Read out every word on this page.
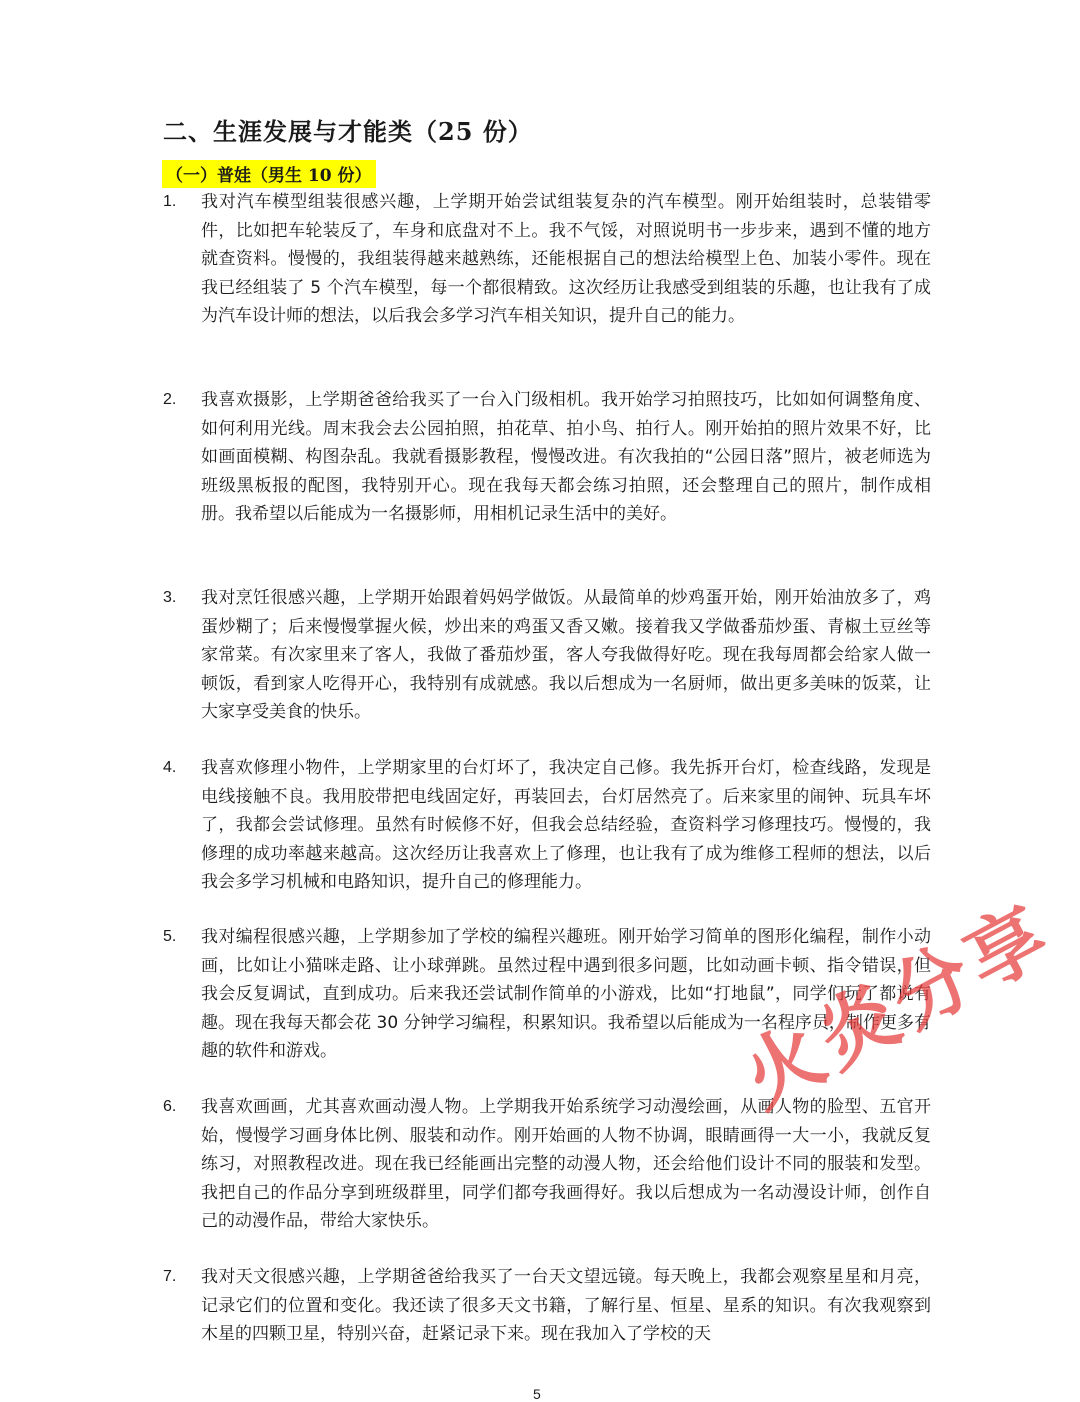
二、生涯发展与才能类（25 份）
（一）普娃（男生 10 份）
1. 我对汽车模型组装很感兴趣，上学期开始尝试组装复杂的汽车模型。刚开始组装时，总装错零件，比如把车轮装反了，车身和底盘对不上。我不气馁，对照说明书一步步来，遇到不懂的地方就查资料。慢慢的，我组装得越来越熟练，还能根据自己的想法给模型上色、加装小零件。现在我已经组装了 5 个汽车模型，每一个都很精致。这次经历让我感受到组装的乐趣，也让我有了成为汽车设计师的想法，以后我会多学习汽车相关知识，提升自己的能力。
2. 我喜欢摄影，上学期爸爸给我买了一台入门级相机。我开始学习拍照技巧，比如如何调整角度、如何利用光线。周末我会去公园拍照，拍花草、拍小鸟、拍行人。刚开始拍的照片效果不好，比如画面模糊、构图杂乱。我就看摄影教程，慢慢改进。有次我拍的“公园日落”照片，被老师选为班级黑板报的配图，我特别开心。现在我每天都会练习拍照，还会整理自己的照片，制作成相册。我希望以后能成为一名摄影师，用相机记录生活中的美好。
3. 我对烹饪很感兴趣，上学期开始跟着妈妈学做饭。从最简单的炒鸡蛋开始，刚开始油放多了，鸡蛋炒糊了；后来慢慢掌握火候，炒出来的鸡蛋又香又嫩。接着我又学做番茄炒蛋、青椒土豆丝等家常菜。有次家里来了客人，我做了番茄炒蛋，客人夸我做得好吃。现在我每周都会给家人做一顿饭，看到家人吃得开心，我特别有成就感。我以后想成为一名厨师，做出更多美味的饭菜，让大家享受美食的快乐。
4. 我喜欢修理小物件，上学期家里的台灯坏了，我决定自己修。我先拆开台灯，检查线路，发现是电线接触不良。我用胶带把电线固定好，再装回去，台灯居然亮了。后来家里的闹钟、玩具车坏了，我都会尝试修理。虽然有时候修不好，但我会总结经验，查资料学习修理技巧。慢慢的，我修理的成功率越来越高。这次经历让我喜欢上了修理，也让我有了成为维修工程师的想法，以后我会多学习机械和电路知识，提升自己的修理能力。
5. 我对编程很感兴趣，上学期参加了学校的编程兴趣班。刚开始学习简单的图形化编程，制作小动画，比如让小猫咪走路、让小球弹跳。虽然过程中遇到很多问题，比如动画卡顿、指令错误，但我会反复调试，直到成功。后来我还尝试制作简单的小游戏，比如“打地鼠”，同学们玩了都说有趣。现在我每天都会花 30 分钟学习编程，积累知识。我希望以后能成为一名程序员，制作更多有趣的软件和游戏。
6. 我喜欢画画，尤其喜欢画动漫人物。上学期我开始系统学习动漫绘画，从画人物的脸型、五官开始，慢慢学习画身体比例、服装和动作。刚开始画的人物不协调，眼睛画得一大一小，我就反复练习，对照教程改进。现在我已经能画出完整的动漫人物，还会给他们设计不同的服装和发型。我把自己的作品分享到班级群里，同学们都夸我画得好。我以后想成为一名动漫设计师，创作自己的动漫作品，带给大家快乐。
7. 我对天文很感兴趣，上学期爸爸给我买了一台天文望远镜。每天晚上，我都会观察星星和月亮，记录它们的位置和变化。我还读了很多天文书籍，了解行星、恒星、星系的知识。有次我观察到木星的四颗卫星，特别兴奋，赶紧记录下来。现在我加入了学校的天
火炎分享
5
